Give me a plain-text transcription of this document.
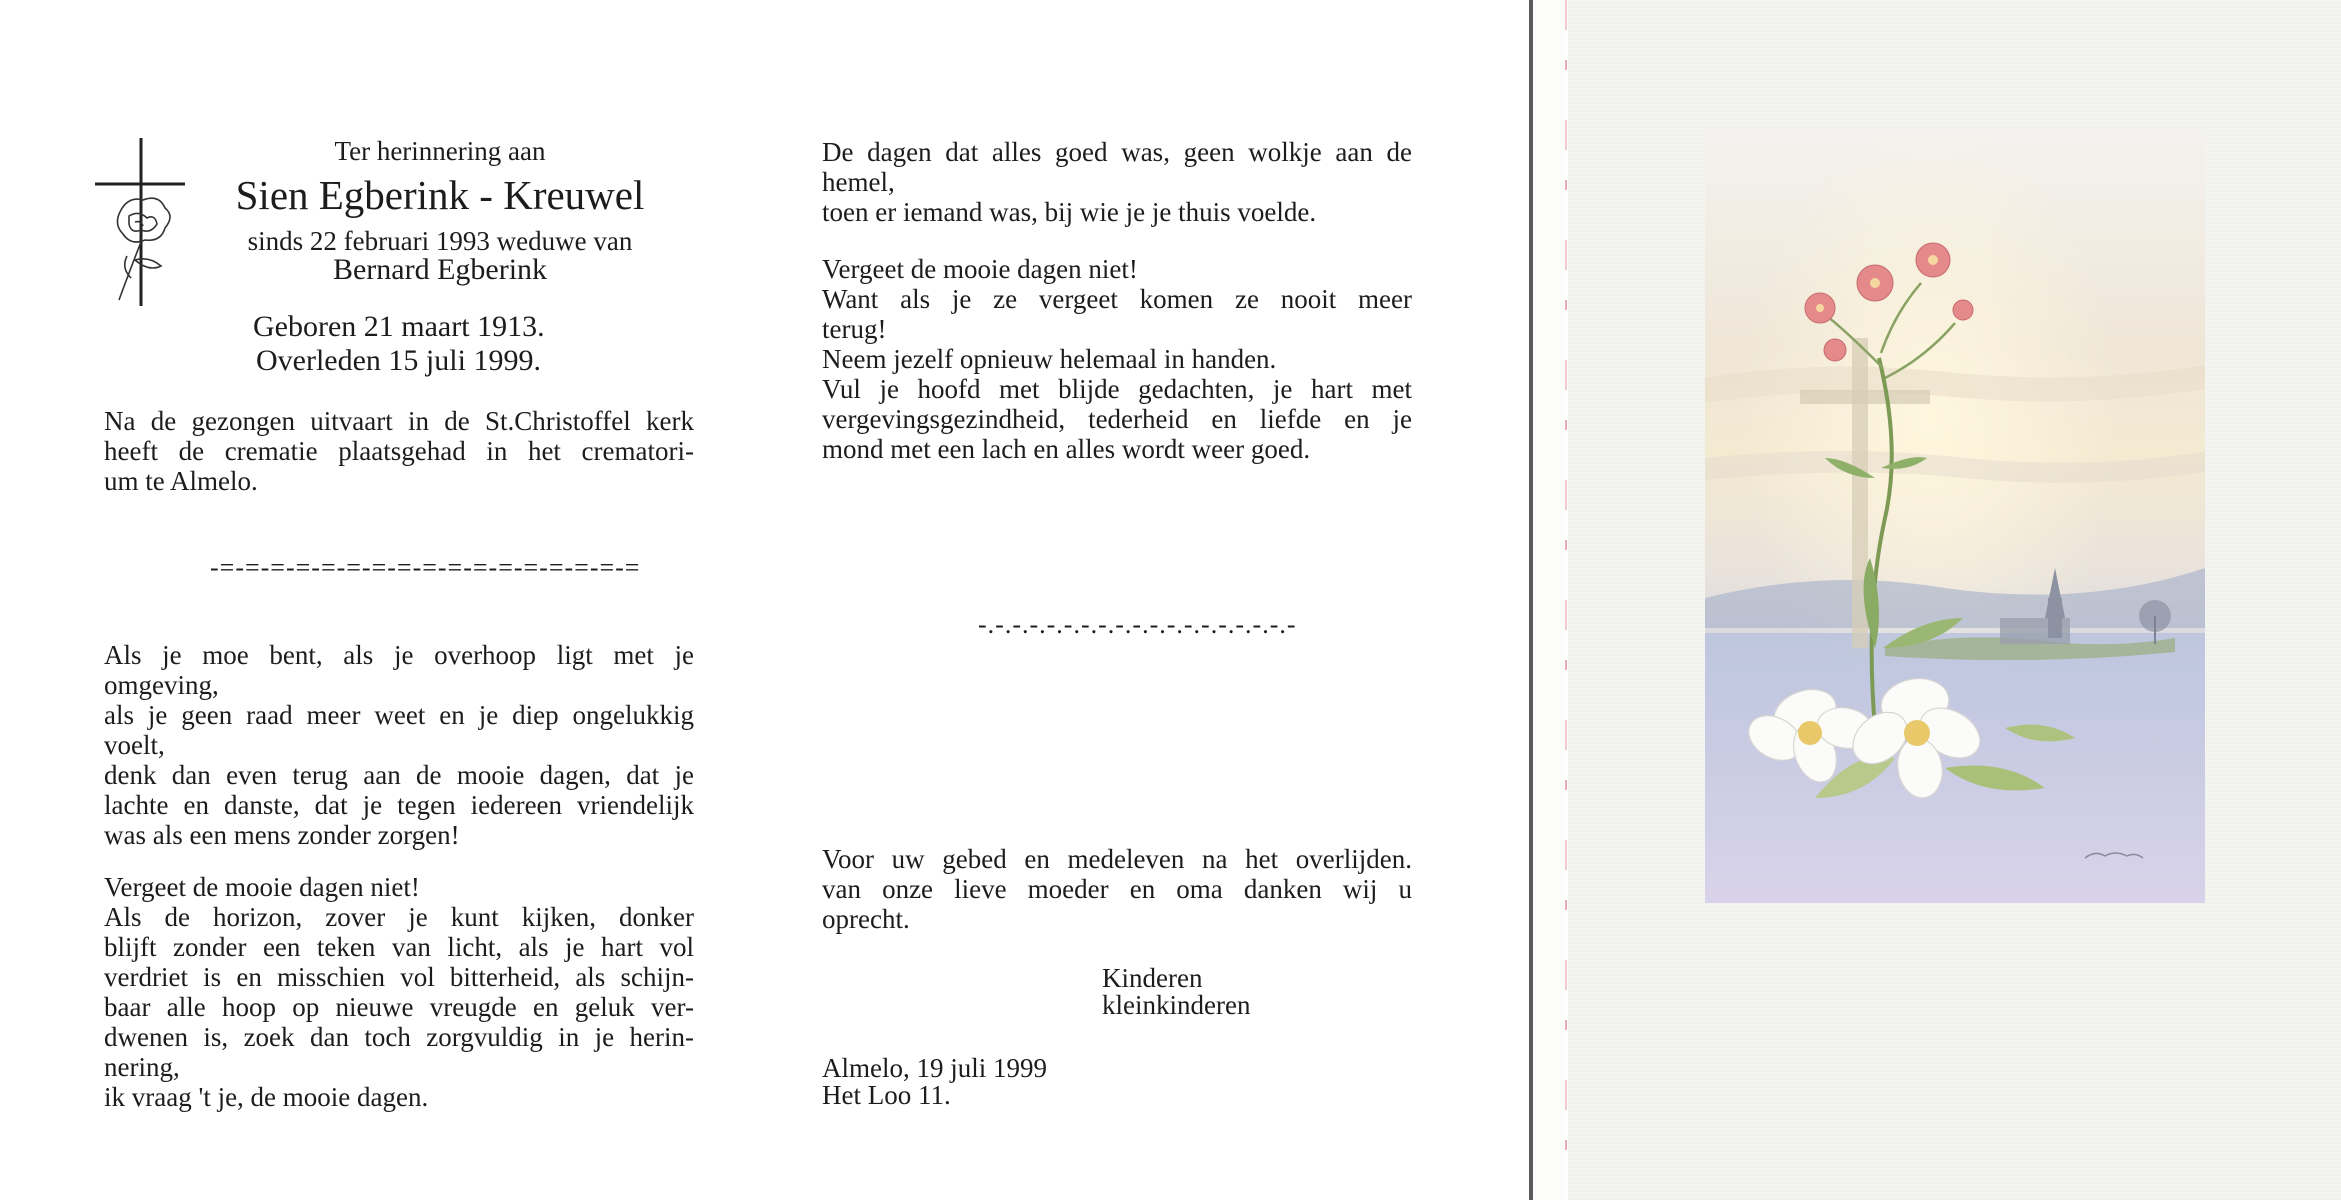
Ter herinnering aan
Sien Egberink - Kreuwel
sinds 22 februari 1993 weduwe van
Bernard Egberink
Geboren 21 maart 1913.
Overleden 15 juli 1999.
Na de gezongen uitvaart in de St.Christoffel kerk
heeft de crematie plaatsgehad in het crematori-
um te Almelo.
-=-=-=-=-=-=-=-=-=-=-=-=-=-=-=-=-=
Als je moe bent, als je overhoop ligt met je
omgeving,
als je geen raad meer weet en je diep ongelukkig
voelt,
denk dan even terug aan de mooie dagen, dat je
lachte en danste, dat je tegen iedereen vriendelijk
was als een mens zonder zorgen!
Vergeet de mooie dagen niet!
Als de horizon, zover je kunt kijken, donker
blijft zonder een teken van licht, als je hart vol
verdriet is en misschien vol bitterheid, als schijn-
baar alle hoop op nieuwe vreugde en geluk ver-
dwenen is, zoek dan toch zorgvuldig in je herin-
nering,
ik vraag 't je, de mooie dagen.
De dagen dat alles goed was, geen wolkje aan de
hemel,
toen er iemand was, bij wie je je thuis voelde.
Vergeet de mooie dagen niet!
Want als je ze vergeet komen ze nooit meer
terug!
Neem jezelf opnieuw helemaal in handen.
Vul je hoofd met blijde gedachten, je hart met
vergevingsgezindheid, tederheid en liefde en je
mond met een lach en alles wordt weer goed.
-.-.-.-.-.-.-.-.-.-.-.-.-.-.-.-.-.-.-
Voor uw gebed en medeleven na het overlijden.
van onze lieve moeder en oma danken wij u
oprecht.
Kinderen
kleinkinderen
Almelo, 19 juli 1999
Het Loo 11.
